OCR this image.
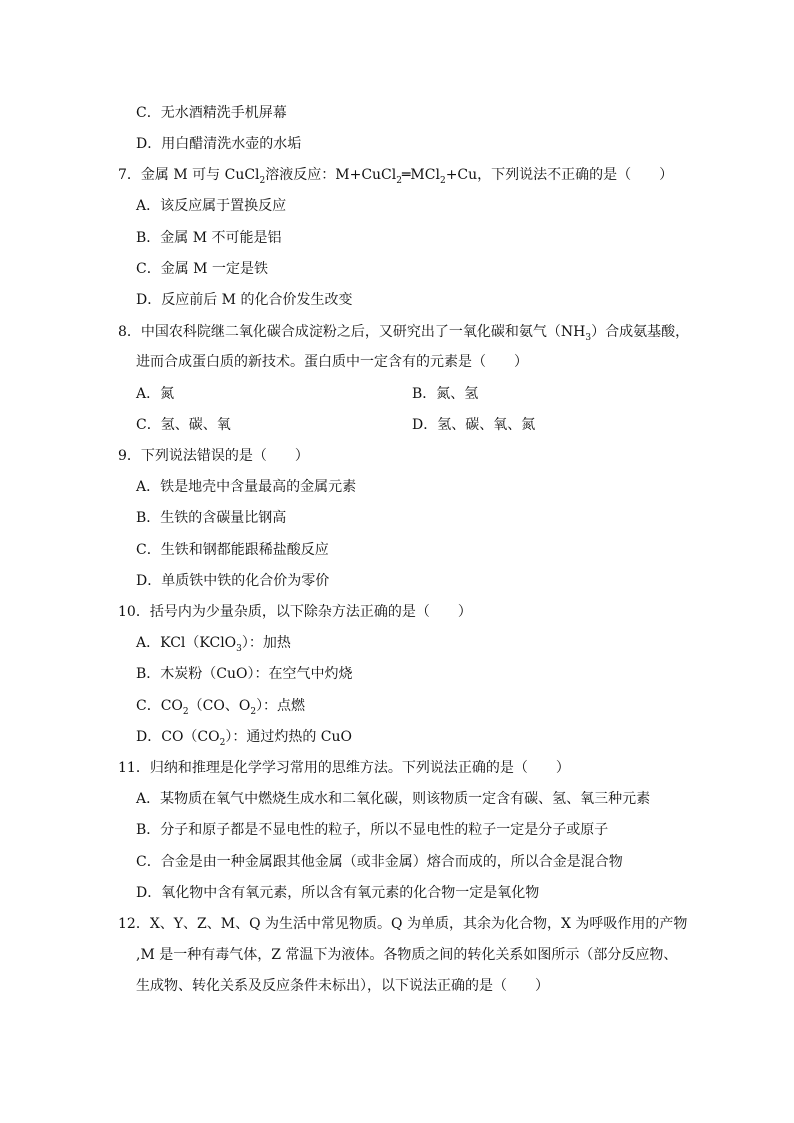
C．无水酒精洗手机屏幕
D．用白醋清洗水壶的水垢
7．金属 M 可与 CuCl$_2$溶液反应：M+CuCl$_2$═MCl$_2$+Cu，下列说法不正确的是（　　）
A．该反应属于置换反应
B．金属 M 不可能是铝
C．金属 M 一定是铁
D．反应前后 M 的化合价发生改变
8．中国农科院继二氧化碳合成淀粉之后，又研究出了一氧化碳和氨气$(NH_3)$合成氨基酸，
进而合成蛋白质的新技术。蛋白质中一定含有的元素是（　　）
A．氮	B．氮、氢
C．氢、碳、氧	D．氢、碳、氧、氮
9．下列说法错误的是（　　）
A．铁是地壳中含量最高的金属元素
B．生铁的含碳量比钢高
C．生铁和钢都能跟稀盐酸反应
D．单质铁中铁的化合价为零价
10．括号内为少量杂质，以下除杂方法正确的是（　　）
A．KCl（KClO$_3$）：加热
B．木炭粉（CuO）：在空气中灼烧
C．$CO_2(CO$、$O_2$）：点燃
D．$CO(CO_2)$：通过灼热的 CuO
11．归纳和推理是化学学习常用的思维方法。下列说法正确的是（　　）
A．某物质在氧气中燃烧生成水和二氧化碳，则该物质一定含有碳、氢、氧三种元素
B．分子和原子都是不显电性的粒子，所以不显电性的粒子一定是分子或原子
C．合金是由一种金属跟其他金属（或非金属）熔合而成的，所以合金是混合物
D．氧化物中含有氧元素，所以含有氧元素的化合物一定是氧化物
12．X、Y、Z、M、Q 为生活中常见物质。Q 为单质，其余为化合物，X 为呼吸作用的产物
,M 是一种有毒气体，Z 常温下为液体。各物质之间的转化关系如图所示（部分反应物、
生成物、转化关系及反应条件未标出），以下说法正确的是（　　）
